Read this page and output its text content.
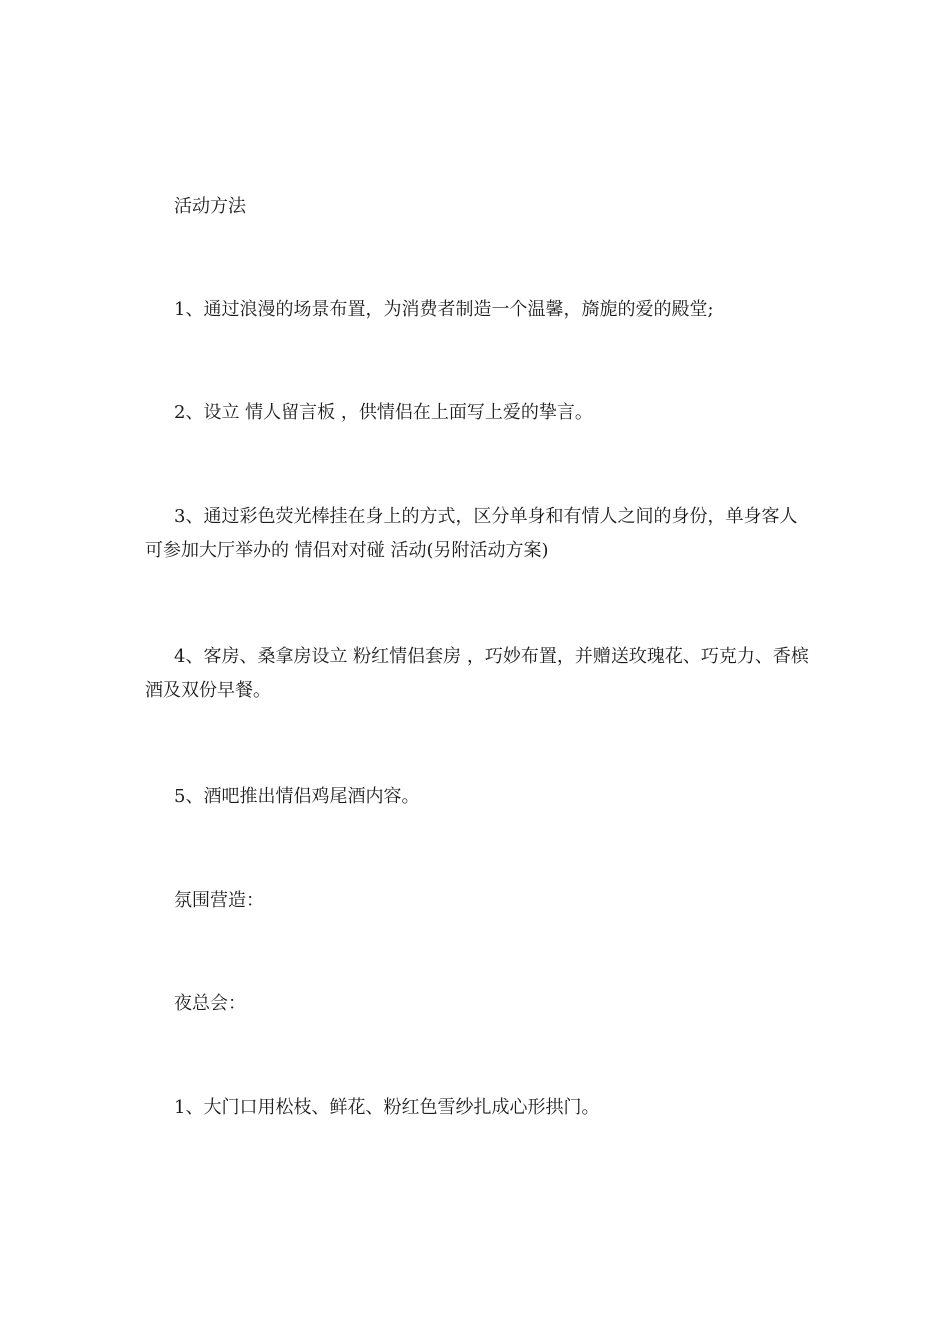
活动方法

1、通过浪漫的场景布置，为消费者制造一个温馨，旖旎的爱的殿堂;

2、设立 情人留言板 ，供情侣在上面写上爱的挚言。

3、通过彩色荧光棒挂在身上的方式，区分单身和有情人之间的身份，单身客人可参加大厅举办的 情侣对对碰 活动(另附活动方案)

4、客房、桑拿房设立 粉红情侣套房 ，巧妙布置，并赠送玫瑰花、巧克力、香槟酒及双份早餐。

5、酒吧推出情侣鸡尾酒内容。

氛围营造：

夜总会：

1、大门口用松枝、鲜花、粉红色雪纱扎成心形拱门。
